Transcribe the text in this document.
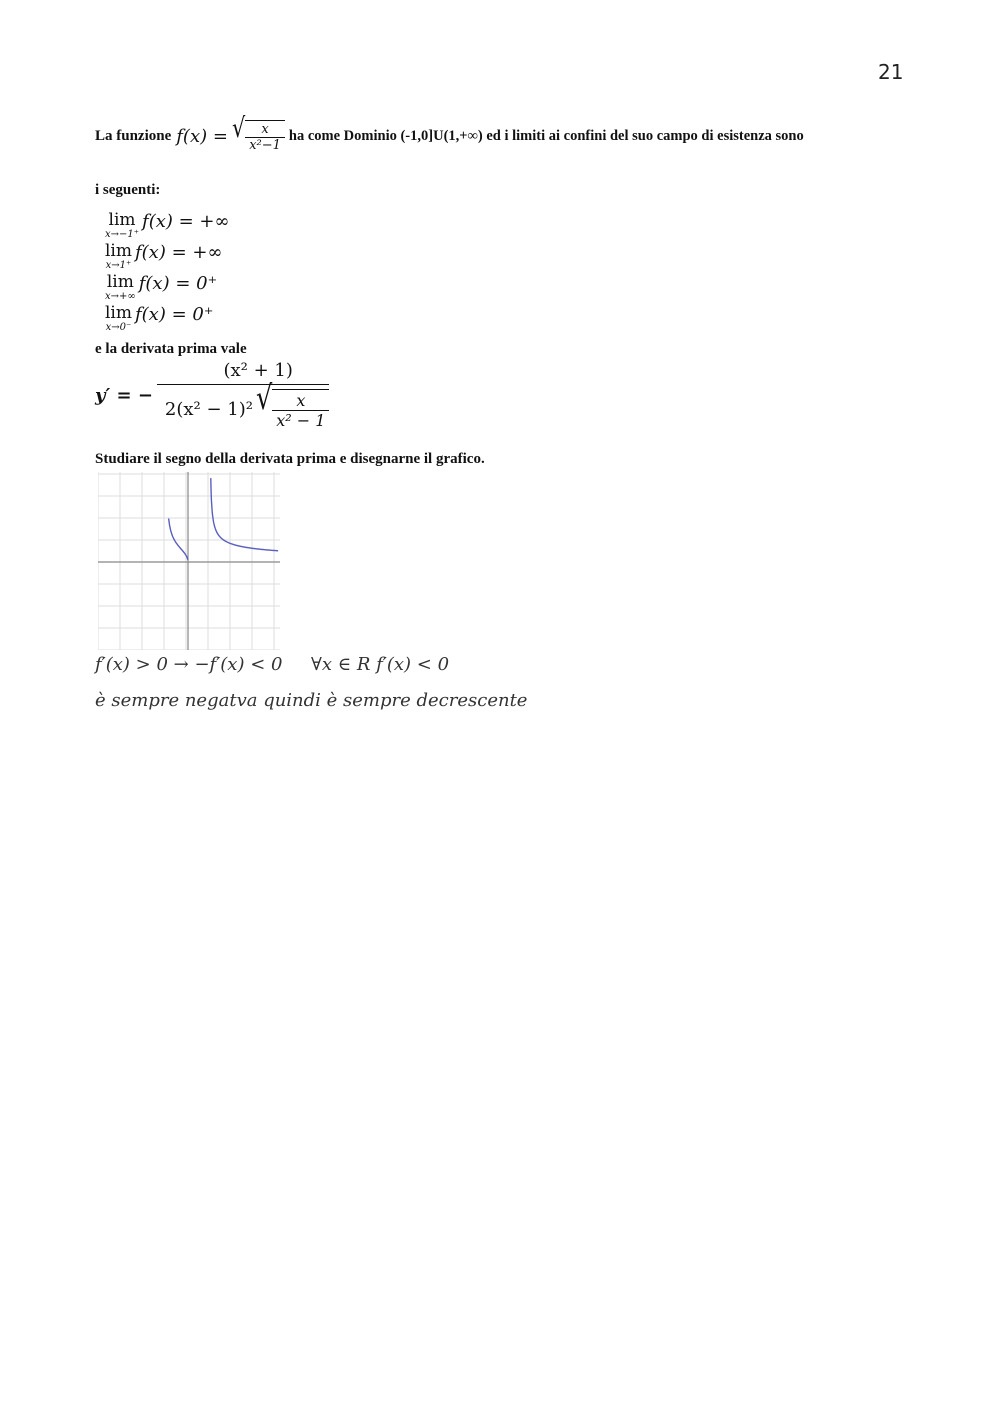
21
La funzione f(x) = √ $\frac{x}{\text{x²−1}}$ ha come Dominio (-1,0]U(1,+∞) ed i limiti ai confini del suo campo di esistenza sono
i seguenti:
lim
x→−1⁺
f(x) = +∞
lim
x→1⁺
f(x) = +∞
lim
x→+∞
f(x) = 0⁺
lim
x→0⁻
f(x) = 0⁺
e la derivata prima vale
y′ = −
(x² + 1)
2(x² − 1)² √ $\frac{x}{\text{x² − 1}}$
Studiare il segno della derivata prima e disegnarne il grafico.
f′(x) > 0 → −f′(x) < 0     ∀x ∈ R f′(x) < 0
è sempre negatva quindi è sempre decrescente
